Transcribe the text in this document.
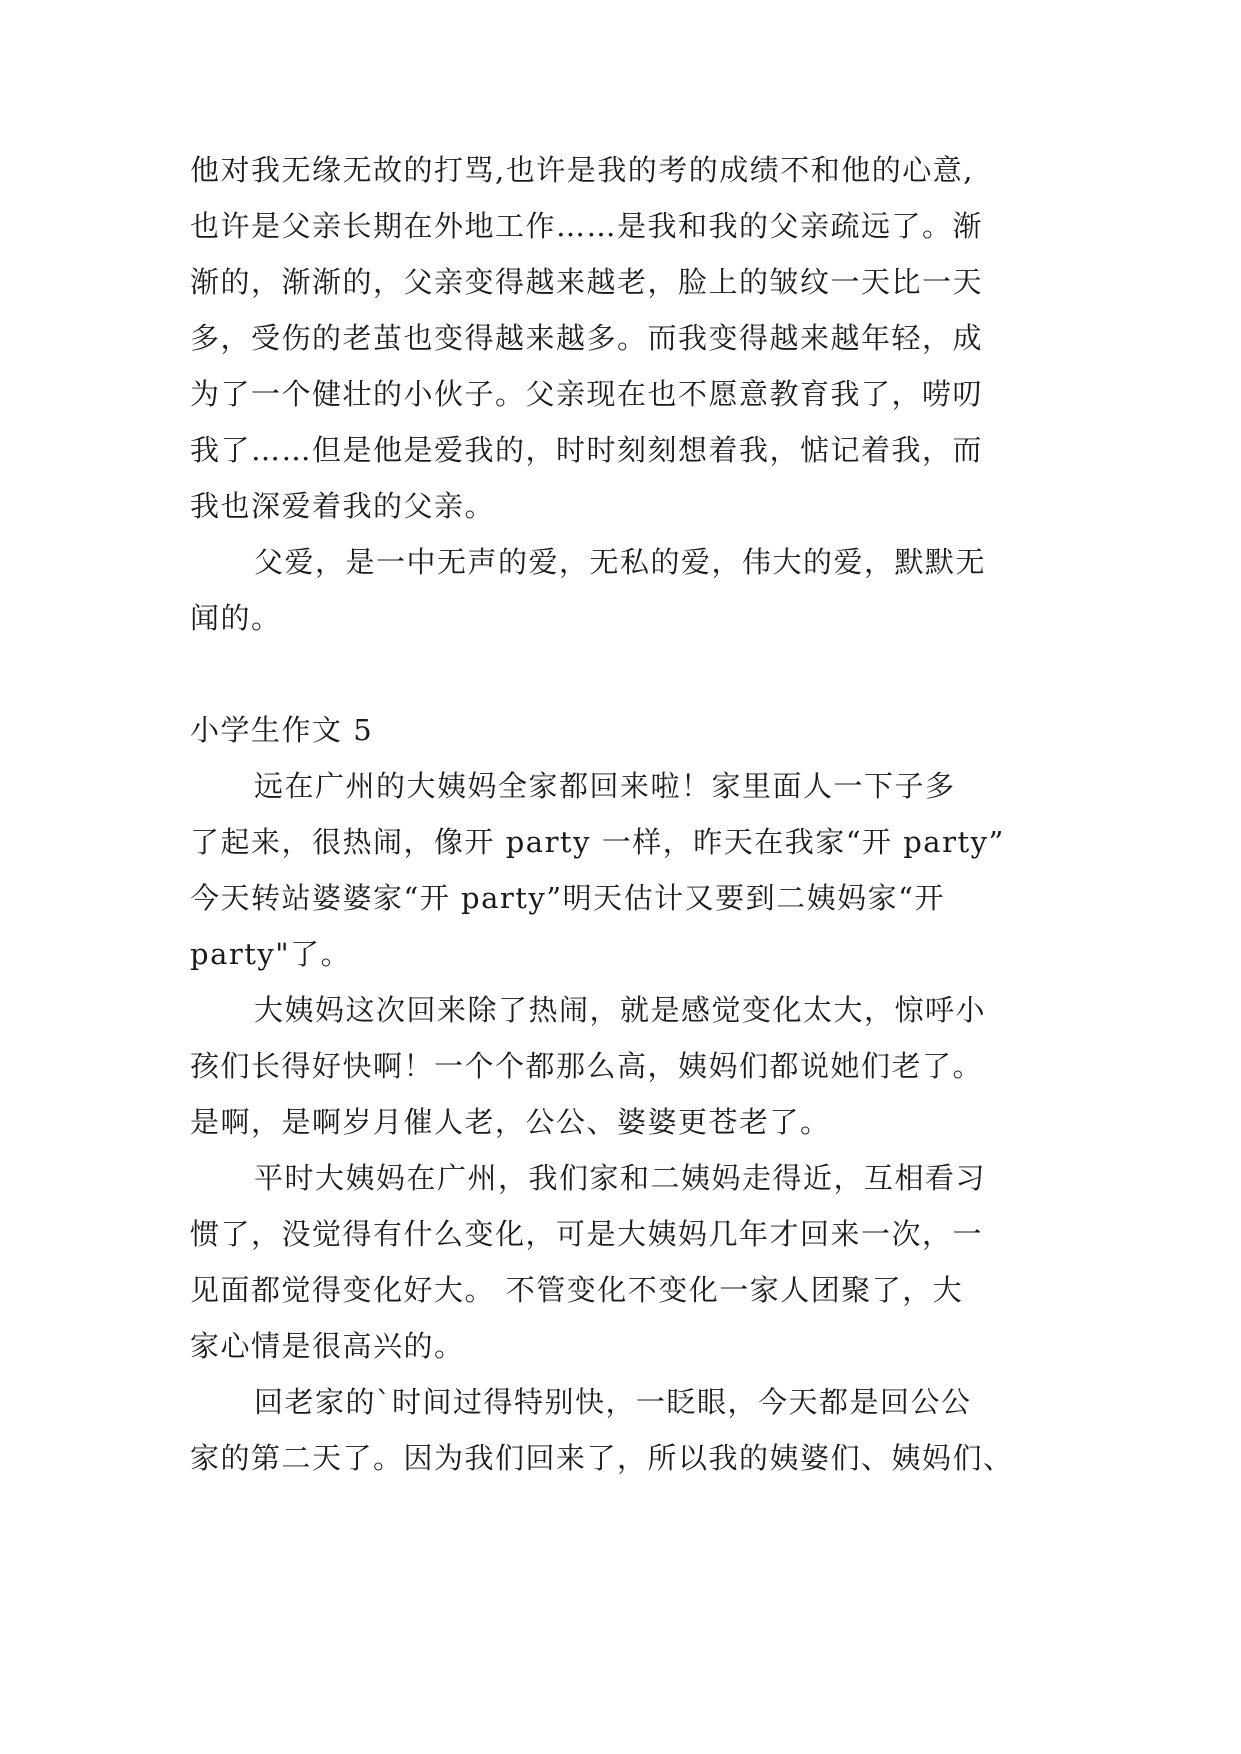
他对我无缘无故的打骂,也许是我的考的成绩不和他的心意,
也许是父亲长期在外地工作……是我和我的父亲疏远了。渐
渐的，渐渐的，父亲变得越来越老，脸上的皱纹一天比一天
多，受伤的老茧也变得越来越多。而我变得越来越年轻，成
为了一个健壮的小伙子。父亲现在也不愿意教育我了，唠叨
我了……但是他是爱我的，时时刻刻想着我，惦记着我，而
我也深爱着我的父亲。
父爱，是一中无声的爱，无私的爱，伟大的爱，默默无
闻的。
小学生作文 5
远在广州的大姨妈全家都回来啦！家里面人一下子多
了起来，很热闹，像开 party 一样，昨天在我家“开 party”
今天转站婆婆家“开 party”明天估计又要到二姨妈家“开
party"了。
大姨妈这次回来除了热闹，就是感觉变化太大，惊呼小
孩们长得好快啊！一个个都那么高，姨妈们都说她们老了。
是啊，是啊岁月催人老，公公、婆婆更苍老了。
平时大姨妈在广州，我们家和二姨妈走得近，互相看习
惯了，没觉得有什么变化，可是大姨妈几年才回来一次，一
见面都觉得变化好大。 不管变化不变化一家人团聚了，大
家心情是很高兴的。
回老家的`时间过得特别快，一眨眼，今天都是回公公
家的第二天了。因为我们回来了，所以我的姨婆们、姨妈们、
